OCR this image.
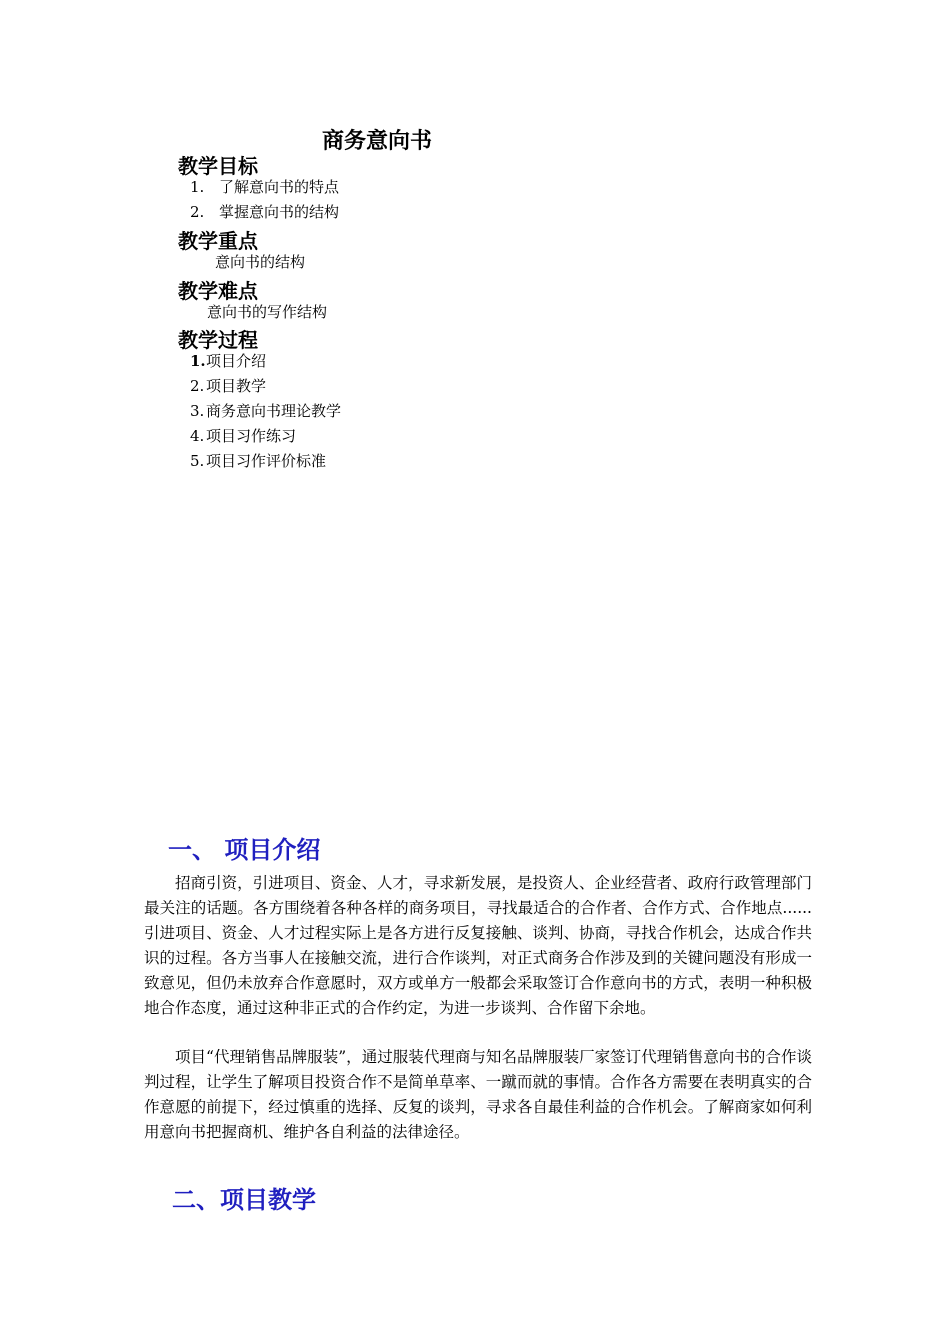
商务意向书
教学目标
1. 了解意向书的特点
2. 掌握意向书的结构
教学重点
意向书的结构
教学难点
意向书的写作结构
教学过程
1.项目介绍
2. 项目教学
3. 商务意向书理论教学
4. 项目习作练习
5. 项目习作评价标准
一、 项目介绍
招商引资，引进项目、资金、人才，寻求新发展，是投资人、企业经营者、政府行政管理部门最关注的话题。各方围绕着各种各样的商务项目，寻找最适合的合作者、合作方式、合作地点......引进项目、资金、人才过程实际上是各方进行反复接触、谈判、协商，寻找合作机会，达成合作共识的过程。各方当事人在接触交流，进行合作谈判，对正式商务合作涉及到的关键问题没有形成一致意见，但仍未放弃合作意愿时，双方或单方一般都会采取签订合作意向书的方式，表明一种积极地合作态度，通过这种非正式的合作约定，为进一步谈判、合作留下余地。
项目“代理销售品牌服装”，通过服装代理商与知名品牌服装厂家签订代理销售意向书的合作谈判过程，让学生了解项目投资合作不是简单草率、一蹴而就的事情。合作各方需要在表明真实的合作意愿的前提下，经过慎重的选择、反复的谈判，寻求各自最佳利益的合作机会。了解商家如何利用意向书把握商机、维护各自利益的法律途径。
二、项目教学
